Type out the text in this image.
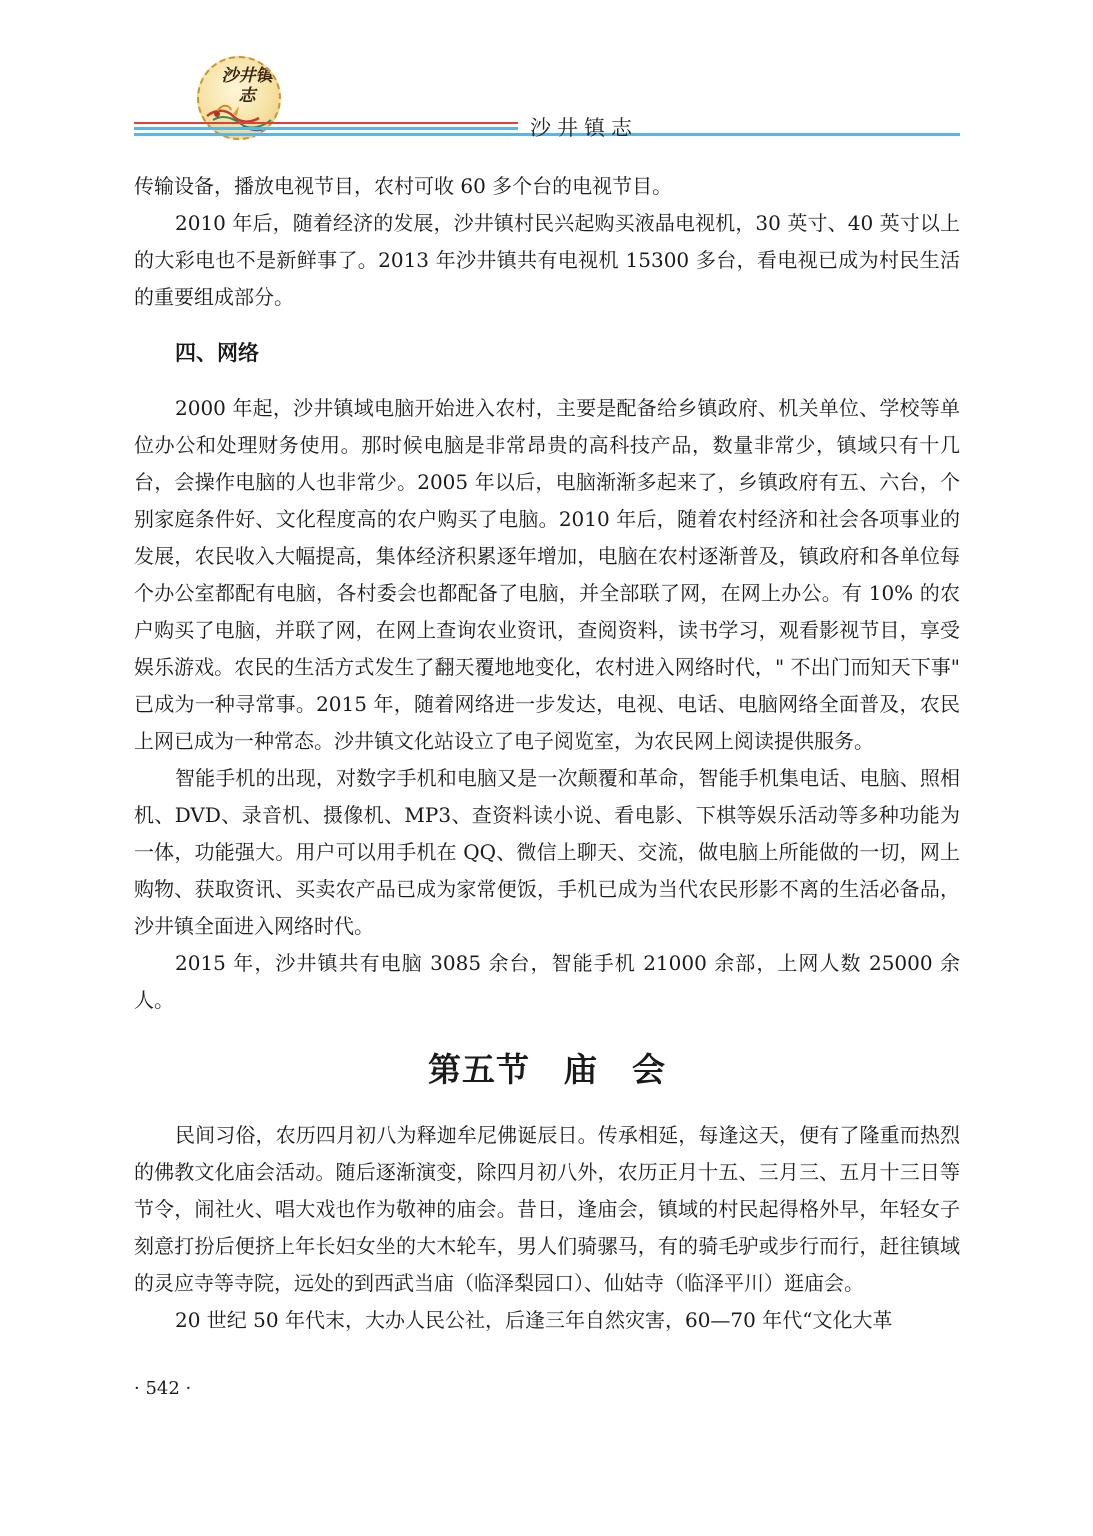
沙井镇志
沙井镇志

传输设备，播放电视节目，农村可收 60 多个台的电视节目。

2010 年后，随着经济的发展，沙井镇村民兴起购买液晶电视机，30 英寸、40 英寸以上的大彩电也不是新鲜事了。2013 年沙井镇共有电视机 15300 多台，看电视已成为村民生活的重要组成部分。

四、网络

2000 年起，沙井镇域电脑开始进入农村，主要是配备给乡镇政府、机关单位、学校等单位办公和处理财务使用。那时候电脑是非常昂贵的高科技产品，数量非常少，镇域只有十几台，会操作电脑的人也非常少。2005 年以后，电脑渐渐多起来了，乡镇政府有五、六台，个别家庭条件好、文化程度高的农户购买了电脑。2010 年后，随着农村经济和社会各项事业的发展，农民收入大幅提高，集体经济积累逐年增加，电脑在农村逐渐普及，镇政府和各单位每个办公室都配有电脑，各村委会也都配备了电脑，并全部联了网，在网上办公。有 10% 的农户购买了电脑，并联了网，在网上查询农业资讯，查阅资料，读书学习，观看影视节目，享受娱乐游戏。农民的生活方式发生了翻天覆地地变化，农村进入网络时代，" 不出门而知天下事" 已成为一种寻常事。2015 年，随着网络进一步发达，电视、电话、电脑网络全面普及，农民上网已成为一种常态。沙井镇文化站设立了电子阅览室，为农民网上阅读提供服务。

智能手机的出现，对数字手机和电脑又是一次颠覆和革命，智能手机集电话、电脑、照相机、DVD、录音机、摄像机、MP3、查资料读小说、看电影、下棋等娱乐活动等多种功能为一体，功能强大。用户可以用手机在 QQ、微信上聊天、交流，做电脑上所能做的一切，网上购物、获取资讯、买卖农产品已成为家常便饭，手机已成为当代农民形影不离的生活必备品，沙井镇全面进入网络时代。

2015 年，沙井镇共有电脑 3085 余台，智能手机 21000 余部，上网人数 25000 余人。

第五节　庙　会

民间习俗，农历四月初八为释迦牟尼佛诞辰日。传承相延，每逢这天，便有了隆重而热烈的佛教文化庙会活动。随后逐渐演变，除四月初八外，农历正月十五、三月三、五月十三日等节令，闹社火、唱大戏也作为敬神的庙会。昔日，逢庙会，镇域的村民起得格外早，年轻女子刻意打扮后便挤上年长妇女坐的大木轮车，男人们骑骡马，有的骑毛驴或步行而行，赶往镇域的灵应寺等寺院，远处的到西武当庙（临泽梨园口）、仙姑寺（临泽平川）逛庙会。

20 世纪 50 年代末，大办人民公社，后逢三年自然灾害，60—70 年代“文化大革

· 542 ·
